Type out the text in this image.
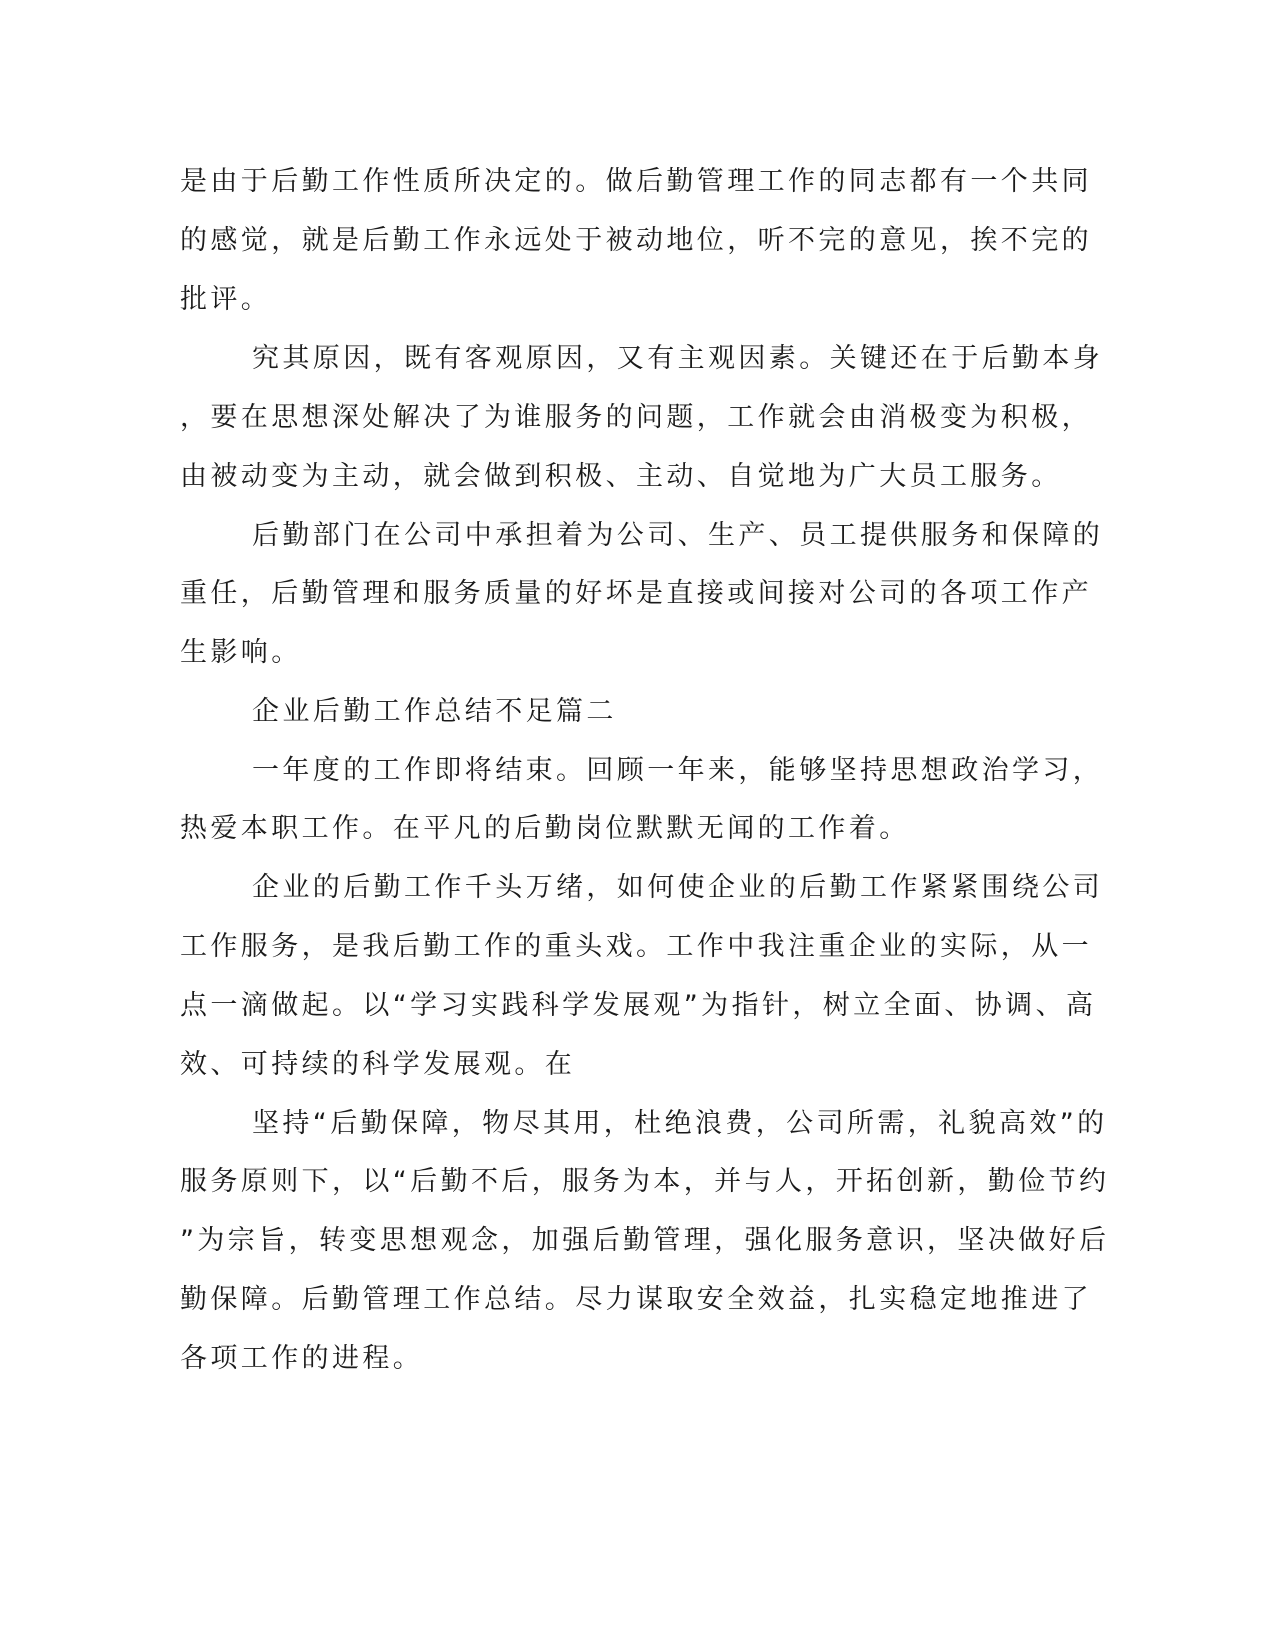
是由于后勤工作性质所决定的。做后勤管理工作的同志都有一个共同
的感觉，就是后勤工作永远处于被动地位，听不完的意见，挨不完的
批评。
究其原因，既有客观原因，又有主观因素。关键还在于后勤本身
，要在思想深处解决了为谁服务的问题，工作就会由消极变为积极，
由被动变为主动，就会做到积极、主动、自觉地为广大员工服务。
后勤部门在公司中承担着为公司、生产、员工提供服务和保障的
重任，后勤管理和服务质量的好坏是直接或间接对公司的各项工作产
生影响。
企业后勤工作总结不足篇二
一年度的工作即将结束。回顾一年来，能够坚持思想政治学习，
热爱本职工作。在平凡的后勤岗位默默无闻的工作着。
企业的后勤工作千头万绪，如何使企业的后勤工作紧紧围绕公司
工作服务，是我后勤工作的重头戏。工作中我注重企业的实际，从一
点一滴做起。以“学习实践科学发展观”为指针，树立全面、协调、高
效、可持续的科学发展观。在
坚持“后勤保障，物尽其用，杜绝浪费，公司所需，礼貌高效”的
服务原则下，以“后勤不后，服务为本，并与人，开拓创新，勤俭节约
”为宗旨，转变思想观念，加强后勤管理，强化服务意识，坚决做好后
勤保障。后勤管理工作总结。尽力谋取安全效益，扎实稳定地推进了
各项工作的进程。
